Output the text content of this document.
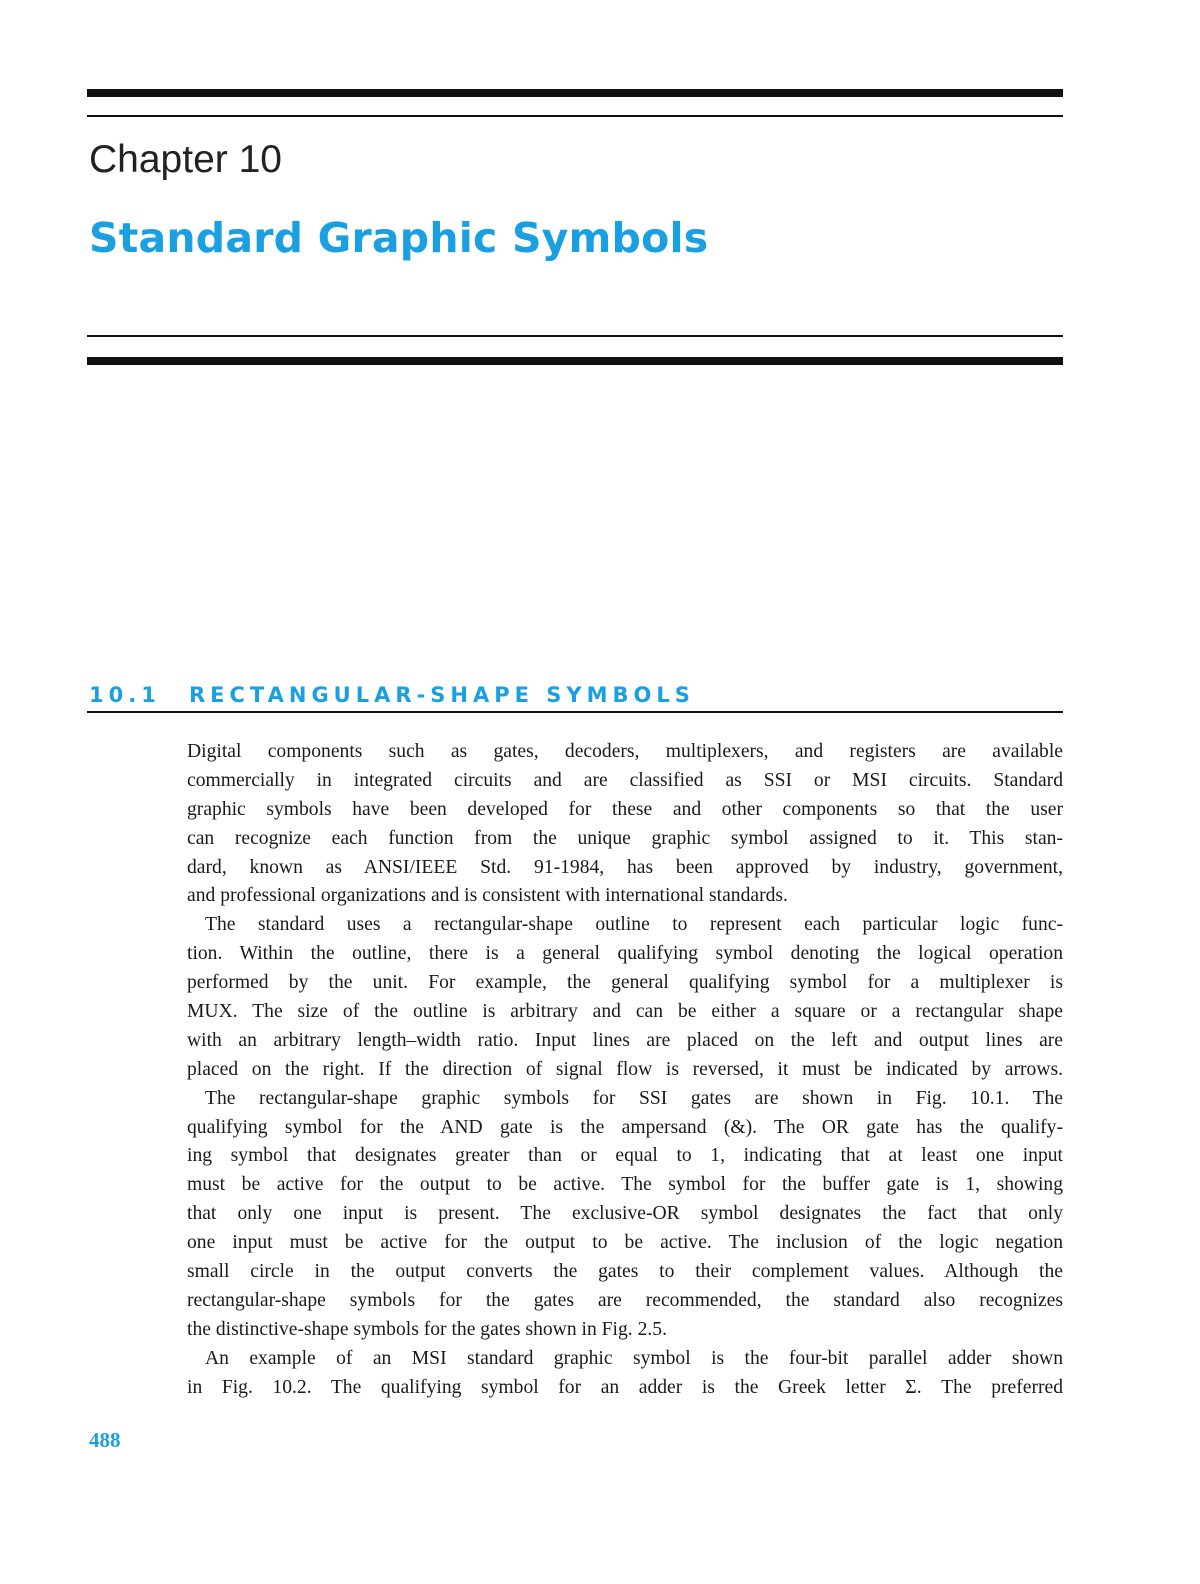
Chapter 10
Standard Graphic Symbols
10.1 RECTANGULAR-SHAPE SYMBOLS
Digital components such as gates, decoders, multiplexers, and registers are available
commercially in integrated circuits and are classified as SSI or MSI circuits. Standard
graphic symbols have been developed for these and other components so that the user
can recognize each function from the unique graphic symbol assigned to it. This stan-
dard, known as ANSI/IEEE Std. 91-1984, has been approved by industry, government,
and professional organizations and is consistent with international standards.
The standard uses a rectangular-shape outline to represent each particular logic func-
tion. Within the outline, there is a general qualifying symbol denoting the logical operation
performed by the unit. For example, the general qualifying symbol for a multiplexer is
MUX. The size of the outline is arbitrary and can be either a square or a rectangular shape
with an arbitrary length–width ratio. Input lines are placed on the left and output lines are
placed on the right. If the direction of signal flow is reversed, it must be indicated by arrows.
The rectangular-shape graphic symbols for SSI gates are shown in Fig. 10.1. The
qualifying symbol for the AND gate is the ampersand (&). The OR gate has the qualify-
ing symbol that designates greater than or equal to 1, indicating that at least one input
must be active for the output to be active. The symbol for the buffer gate is 1, showing
that only one input is present. The exclusive-OR symbol designates the fact that only
one input must be active for the output to be active. The inclusion of the logic negation
small circle in the output converts the gates to their complement values. Although the
rectangular-shape symbols for the gates are recommended, the standard also recognizes
the distinctive-shape symbols for the gates shown in Fig. 2.5.
An example of an MSI standard graphic symbol is the four-bit parallel adder shown
in Fig. 10.2. The qualifying symbol for an adder is the Greek letter Σ. The preferred
488
